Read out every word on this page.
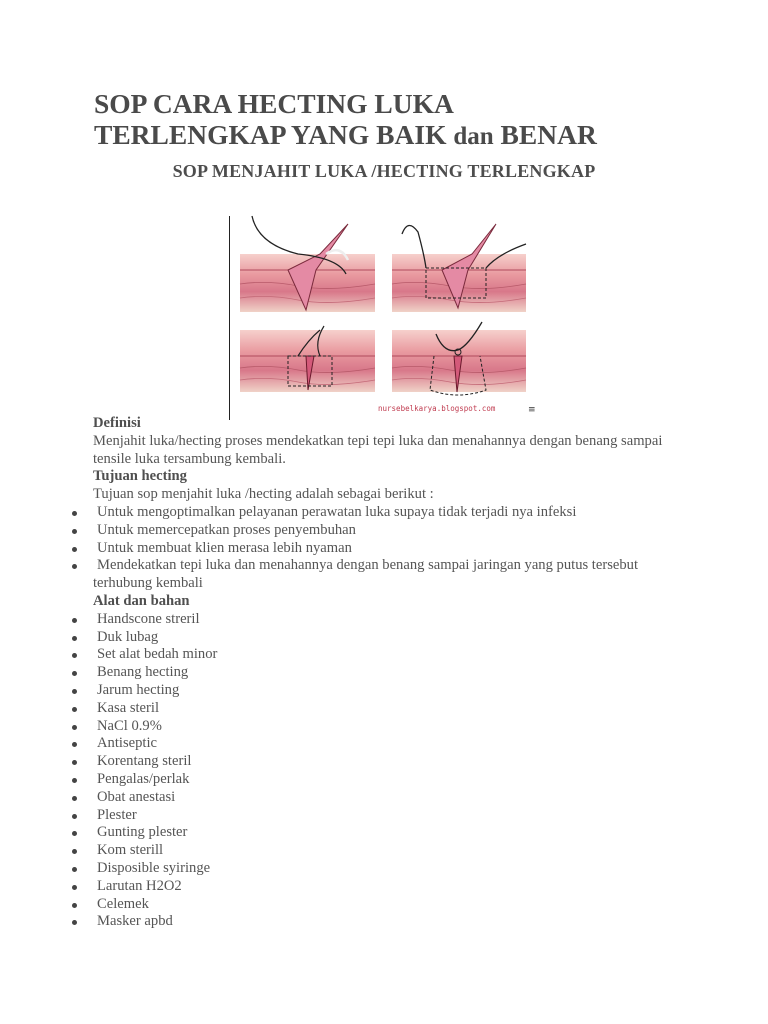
SOP CARA HECTING LUKA
TERLENGKAP YANG BAIK dan BENAR
SOP MENJAHIT LUKA /HECTING TERLENGKAP
nursebelkarya.blogspot.com	≡
Definisi
Menjahit luka/hecting proses mendekatkan tepi tepi luka dan menahannya dengan benang sampai tensile luka tersambung kembali.
Tujuan hecting
Tujuan sop menjahit luka /hecting adalah sebagai berikut :
Untuk mengoptimalkan pelayanan perawatan luka supaya tidak terjadi nya infeksi
Untuk memercepatkan proses penyembuhan
Untuk membuat klien merasa lebih nyaman
Mendekatkan tepi luka dan menahannya dengan benang sampai jaringan yang putus tersebut terhubung kembali
Alat dan bahan
Handscone streril
Duk lubag
Set alat bedah minor
Benang hecting
Jarum hecting
Kasa steril
NaCl 0.9%
Antiseptic
Korentang steril
Pengalas/perlak
Obat anestasi
Plester
Gunting plester
Kom sterill
Disposible syiringe
Larutan H2O2
Celemek
Masker apbd
